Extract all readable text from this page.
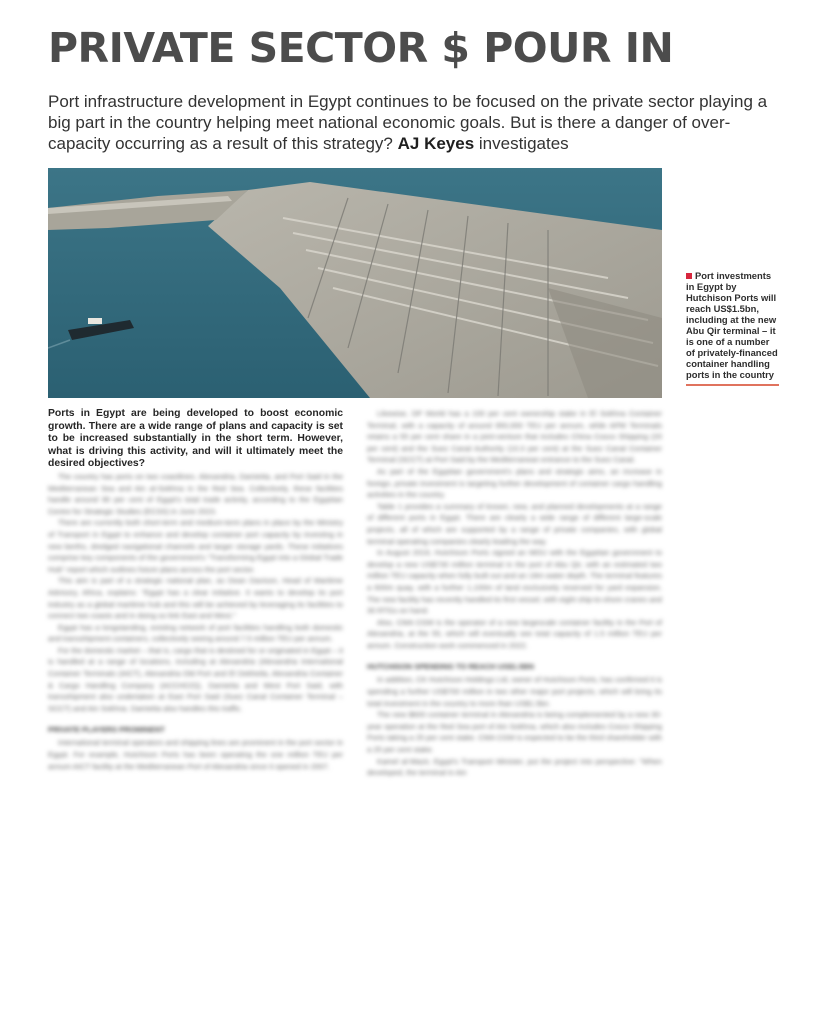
PRIVATE SECTOR $ POUR IN

Port infrastructure development in Egypt continues to be focused on the private sector playing a big part in the country helping meet national economic goals. But is there a danger of over-capacity occurring as a result of this strategy? AJ Keyes investigates

Port investments in Egypt by Hutchison Ports will reach US$1.5bn, including at the new Abu Qir terminal – it is one of a number of privately-financed container handling ports in the country

Ports in Egypt are being developed to boost economic growth. There are a wide range of plans and capacity is set to be increased substantially in the short term. However, what is driving this activity, and will it ultimately meet the desired objectives?

The country has ports on two coastlines. Alexandria, Damietta, and Port Said in the Mediterranean Sea and Ain al-Sokhna in the Red Sea. Collectively, these facilities handle around 90 per cent of Egypt's total trade activity, according to the Egyptian Centre for Strategic Studies (ECSS) in June 2023.

There are currently both short-term and medium-term plans in place by the Ministry of Transport in Egypt to enhance and develop container port capacity by investing in new berths, dredged navigational channels and larger storage yards. These initiatives comprise key components of the government's "Transforming Egypt into a Global Trade Hub" report which outlines future plans across the port sector.

This aim is part of a strategic national plan, as Dean Davison, Head of Maritime Advisory, Africa, explains: "Egypt has a clear initiative. It wants to develop its port industry as a global maritime hub and this will be achieved by leveraging its facilities to connect two coasts and in doing so link East and West."

Egypt has a longstanding, existing network of port facilities handling both domestic and transshipment containers, collectively seeing around 7.5 million TEU per annum.

For the domestic market – that is, cargo that is destined for or originated in Egypt – it is handled at a range of locations, including at Alexandria (Alexandria International Container Terminals (AICT), Alexandria Old Port and El Dekheila, Alexandria Container & Cargo Handling Company (ACCHCO)), Damietta and West Port Said, with transshipment also undertaken at East Port Said (Suez Canal Container Terminal – SCCT) and Ain Sokhna. Damietta also handles this traffic.

PRIVATE PLAYERS PROMINENT

International terminal operators and shipping lines are prominent in the port sector in Egypt. For example, Hutchison Ports has been operating the one million TEU per annum AICT facility at the Mediterranean Port of Alexandria since it opened in 2007.

Likewise, DP World has a 100 per cent ownership stake in El Sokhna Container Terminal, with a capacity of around 950,000 TEU per annum, while APM Terminals retains a 55 per cent share in a joint-venture that includes China Cosco Shipping (20 per cent) and the Suez Canal Authority (10.3 per cent) at the Suez Canal Container Terminal (SCCT) at Port Said by the Mediterranean entrance to the Suez Canal.

As part of the Egyptian government's plans and strategic aims, an increase in foreign, private investment is targeting further development of container cargo handling activities in the country.

Table 1 provides a summary of known, new, and planned developments at a range of different ports in Egypt. There are clearly a wide range of different large-scale projects, all of which are supported by a range of private companies, with global terminal operating companies clearly leading the way.

In August 2019, Hutchison Ports signed an MOU with the Egyptian government to develop a new US$730 million terminal in the port of Abu Qir, with an estimated two million TEU capacity when fully built out and an 18m water depth. The terminal features a 600m quay, with a further 1,100m of land exclusively reserved for yard expansion. The new facility has recently handled its first vessel, with eight ship-to-shore cranes and 30 RTGs on hand.

Also, CMA CGM is the operator of a new largescale container facility in the Port of Alexandria, at the 55, which will eventually see total capacity of 1.5 million TEU per annum. Construction work commenced in 2022.

HUTCHISON SPENDING TO REACH US$1.5BN

In addition, CK Hutchison Holdings Ltd, owner of Hutchison Ports, has confirmed it is spending a further US$700 million in two other major port projects, which will bring its total investment in the country to more than US$1.5bn.

The new $600 container terminal in Alexandria is being complemented by a new 30-year operation at the Red Sea port of Ain Sokhna, which also includes Cosco Shipping Ports taking a 25 per cent stake. CMA CGM is expected to be the third shareholder with a 25 per cent stake.

Kamel al-Wazir, Egypt's Transport Minister, put the project into perspective: "When developed, the terminal in Ain
